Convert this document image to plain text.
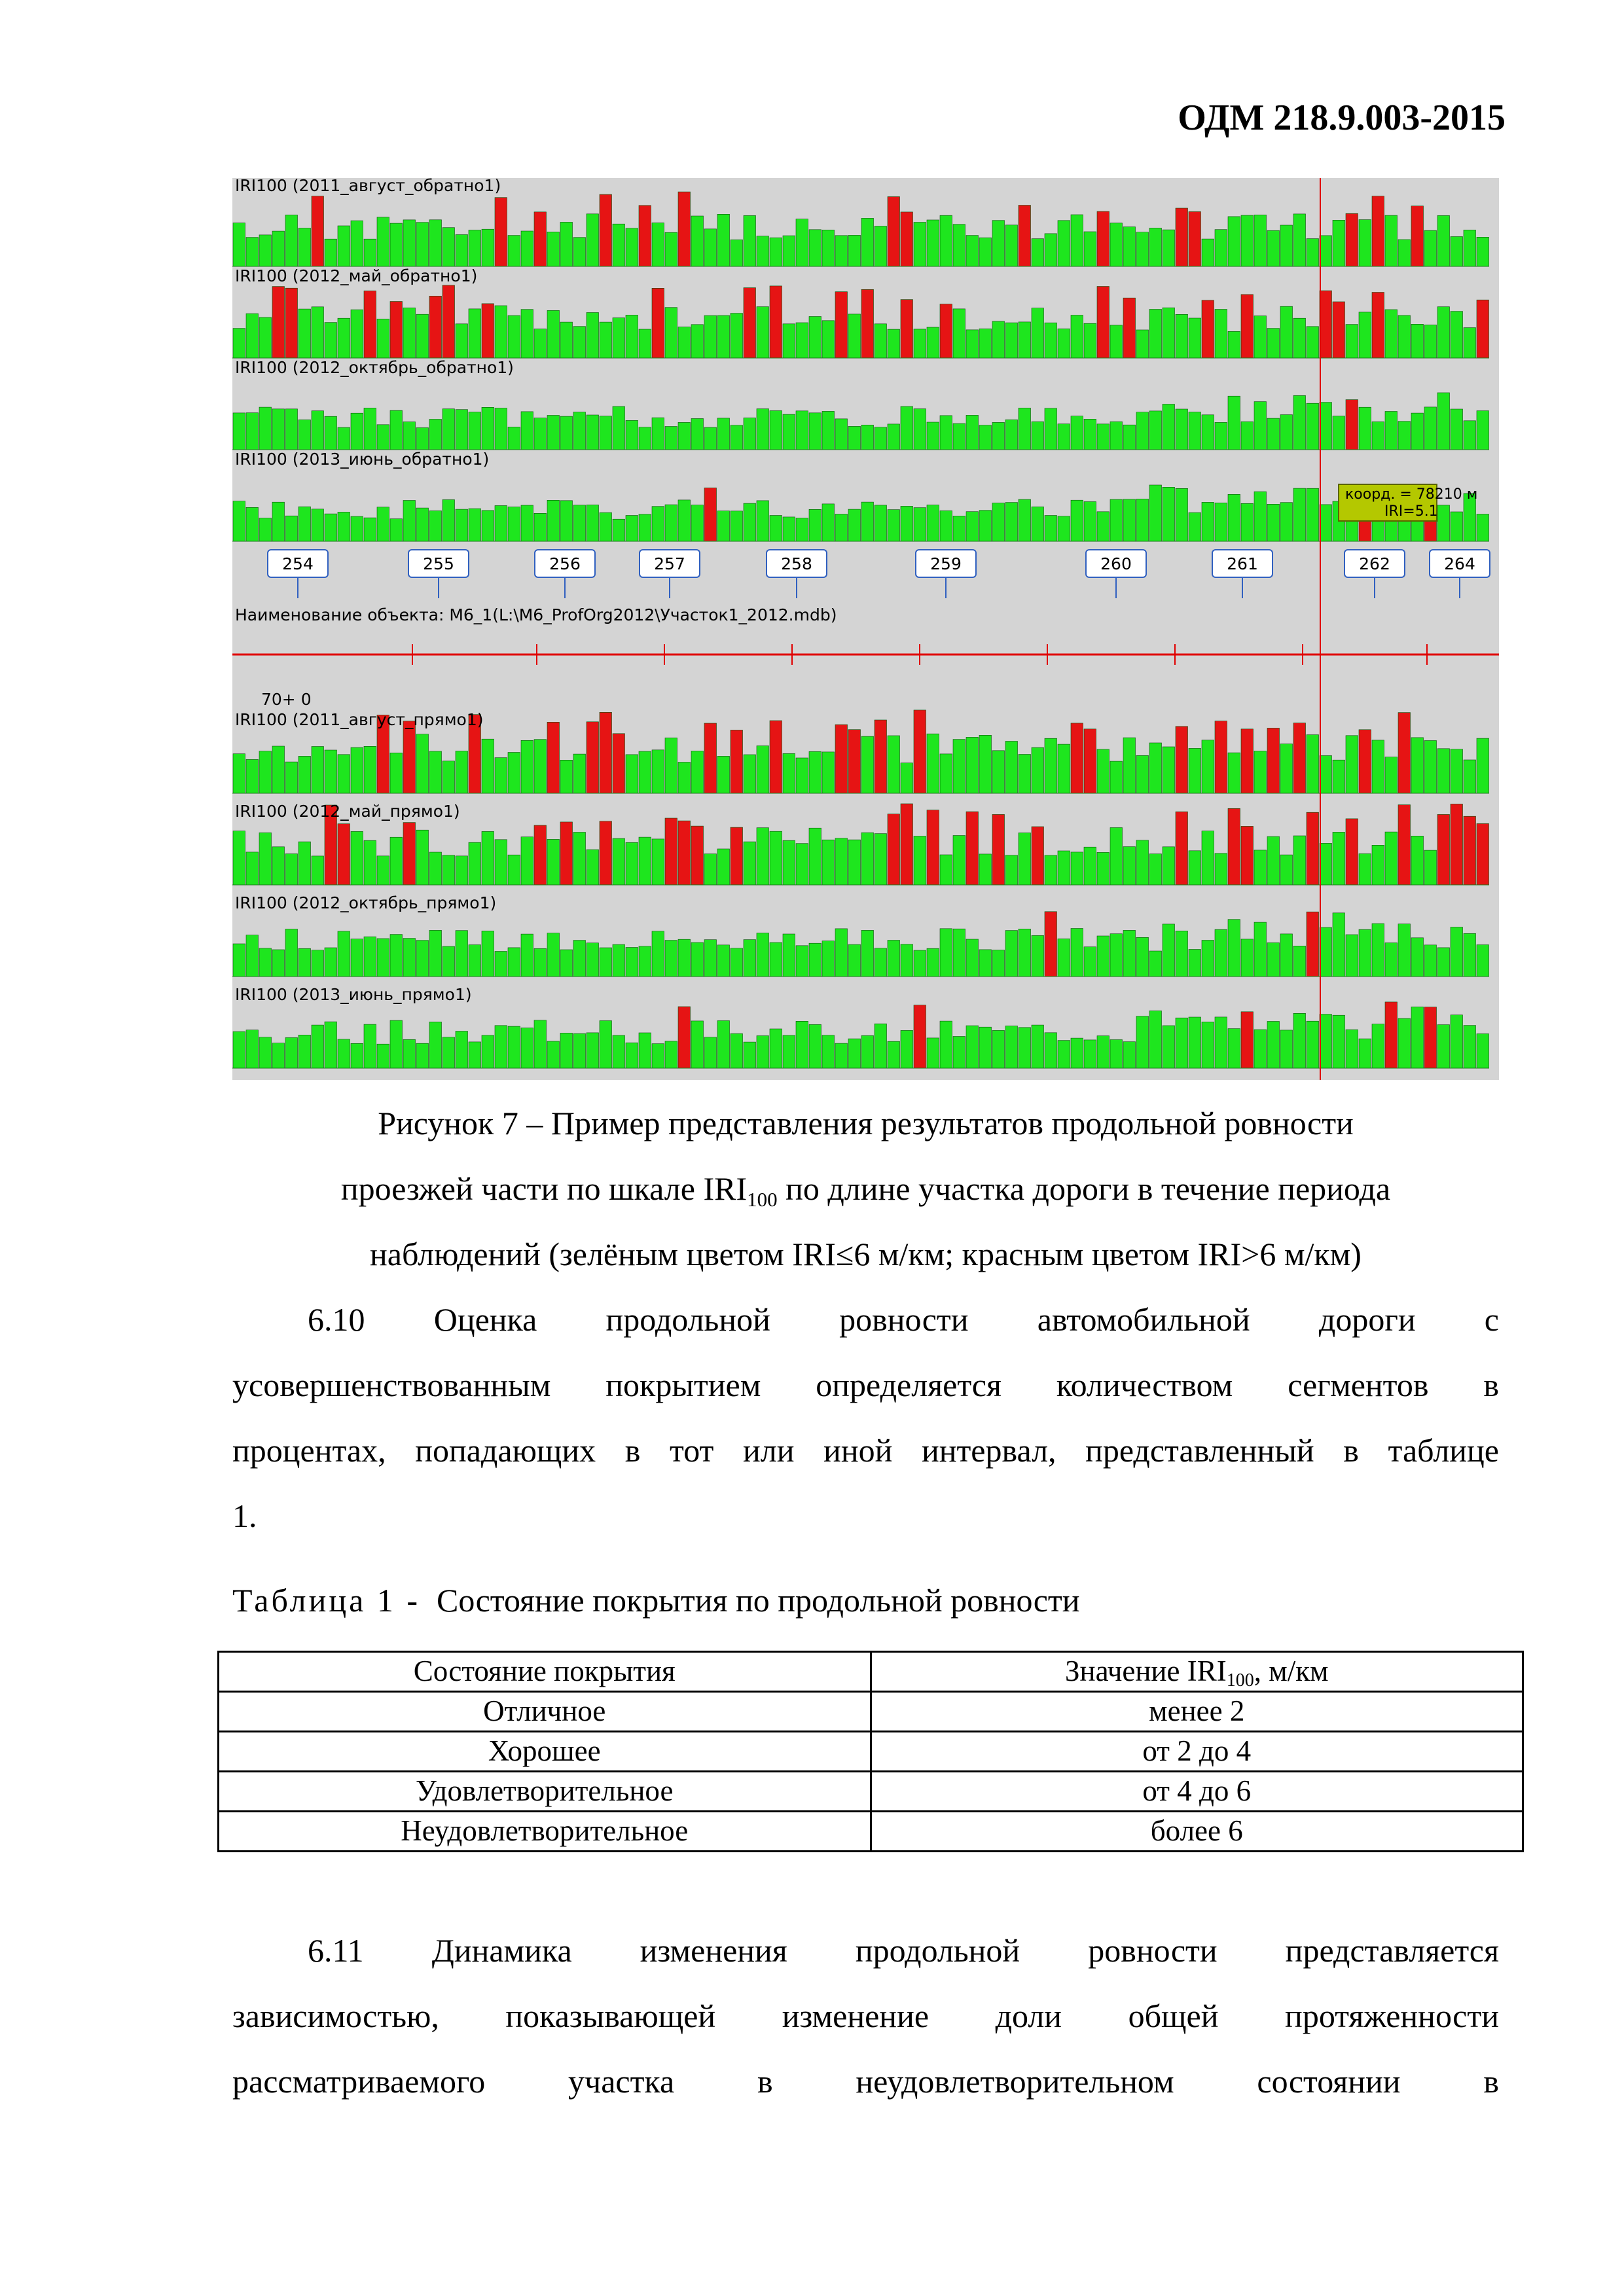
ОДМ 218.9.003-2015
IRI100 (2011_август_обратно1)
IRI100 (2012_май_обратно1)
IRI100 (2012_октябрь_обратно1)
IRI100 (2013_июнь_обратно1)
254	255	256	257	258	259	260	261	262	264
Наименование объекта: М6_1(L:\М6_ProfOrg2012\Участок1_2012.mdb)
70+ 0
IRI100 (2011_август_прямо1)
IRI100 (2012_май_прямо1)
IRI100 (2012_октябрь_прямо1)
IRI100 (2013_июнь_прямо1)
коорд. = 78210 м
IRI=5.1
Рисунок 7 – Пример представления результатов продольной ровности
проезжей части по шкале $IRI_{100}$ по длине участка дороги в течение периода
наблюдений (зелёным цветом IRI≤6 м/км; красным цветом IRI>6 м/км)
6.10 Оценка продольной ровности автомобильной дороги с
усовершенствованным покрытием определяется количеством сегментов в
процентах, попадающих в тот или иной интервал, представленный в таблице
1.
Таблица 1 - Состояние покрытия по продольной ровности
Состояние покрытия	Значение $IRI_{100}$, м/км
Отличное	менее 2
Хорошее	от 2 до 4
Удовлетворительное	от 4 до 6
Неудовлетворительное	более 6
6.11 Динамика изменения продольной ровности представляется
зависимостью, показывающей изменение доли общей протяженности
рассматриваемого участка в неудовлетворительном состоянии в
